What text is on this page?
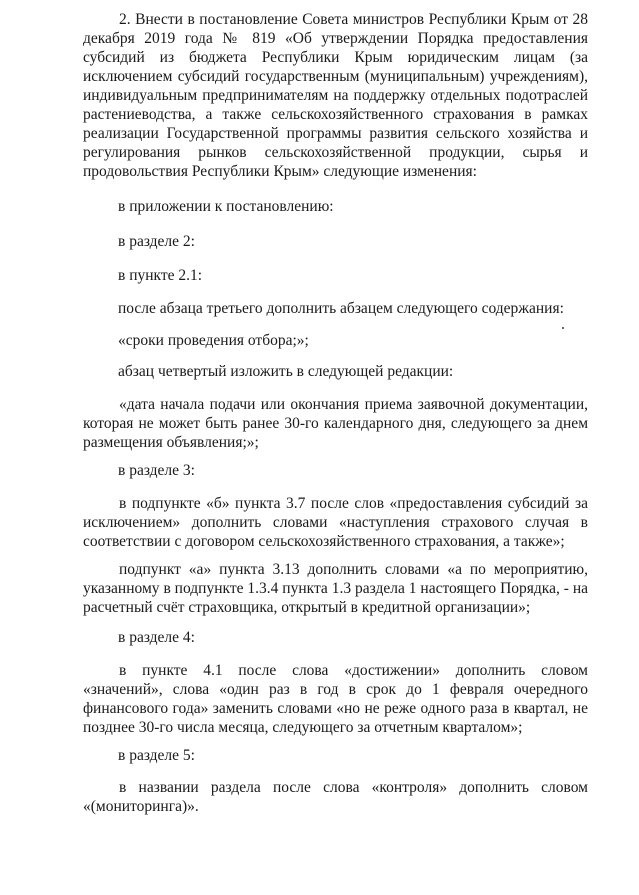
2. Внести в постановление Совета министров Республики Крым от 28 декабря 2019 года № 819 «Об утверждении Порядка предоставления субсидий из бюджета Республики Крым юридическим лицам (за исключением субсидий государственным (муниципальным) учреждениям), индивидуальным предпринимателям на поддержку отдельных подотраслей растениеводства, а также сельскохозяйственного страхования в рамках реализации Государственной программы развития сельского хозяйства и регулирования рынков сельскохозяйственной продукции, сырья и продовольствия Республики Крым» следующие изменения:

в приложении к постановлению:

в разделе 2:

в пункте 2.1:

после абзаца третьего дополнить абзацем следующего содержания:

«сроки проведения отбора;»;

абзац четвертый изложить в следующей редакции:

«дата начала подачи или окончания приема заявочной документации, которая не может быть ранее 30-го календарного дня, следующего за днем размещения объявления;»;

в разделе 3:

в подпункте «б» пункта 3.7 после слов «предоставления субсидий за исключением» дополнить словами «наступления страхового случая в соответствии с договором сельскохозяйственного страхования, а также»;

подпункт «а» пункта 3.13 дополнить словами «а по мероприятию, указанному в подпункте 1.3.4 пункта 1.3 раздела 1 настоящего Порядка, - на расчетный счёт страховщика, открытый в кредитной организации»;

в разделе 4:

в пункте 4.1 после слова «достижении» дополнить словом «значений», слова «один раз в год в срок до 1 февраля очередного финансового года» заменить словами «но не реже одного раза в квартал, не позднее 30-го числа месяца, следующего за отчетным кварталом»;

в разделе 5:

в названии раздела после слова «контроля» дополнить словом «(мониторинга)».
